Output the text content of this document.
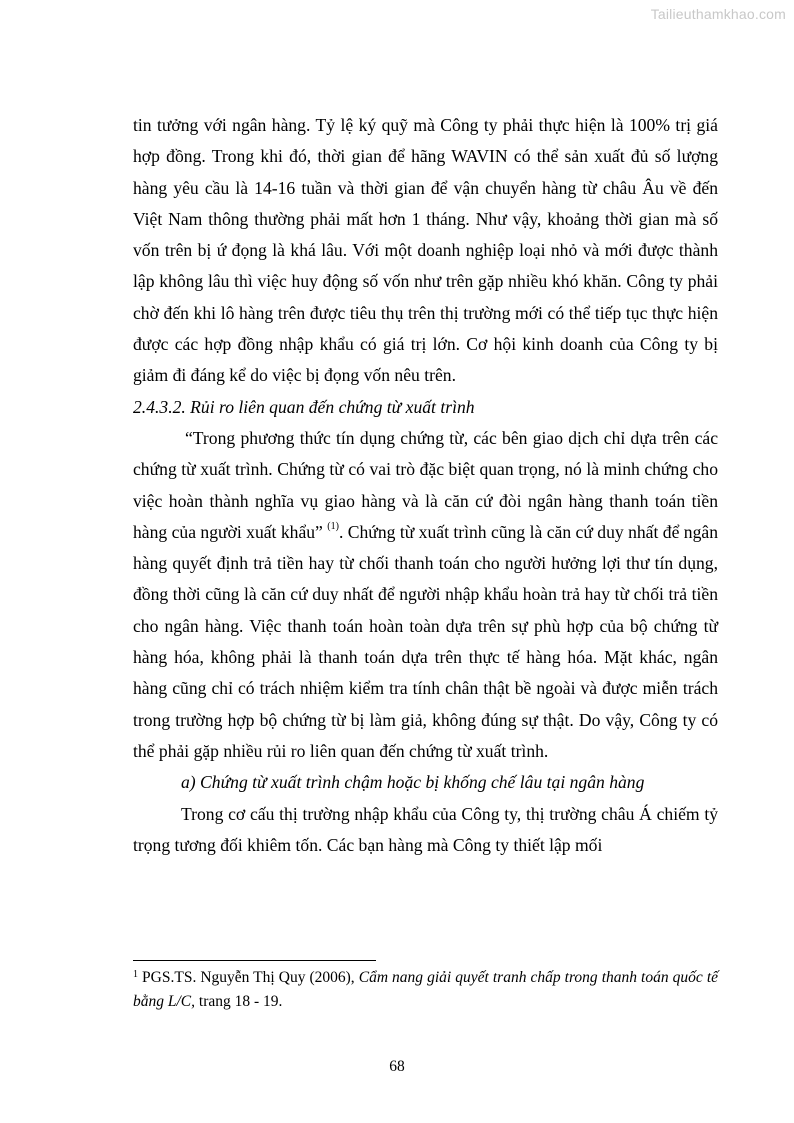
Tailieuthamkhao.com

tin tưởng với ngân hàng. Tỷ lệ ký quỹ mà Công ty phải thực hiện là 100% trị giá hợp đồng. Trong khi đó, thời gian để hãng WAVIN có thể sản xuất đủ số lượng hàng yêu cầu là 14-16 tuần và thời gian để vận chuyển hàng từ châu Âu về đến Việt Nam thông thường phải mất hơn 1 tháng. Như vậy, khoảng thời gian mà số vốn trên bị ứ đọng là khá lâu. Với một doanh nghiệp loại nhỏ và mới được thành lập không lâu thì việc huy động số vốn như trên gặp nhiều khó khăn. Công ty phải chờ đến khi lô hàng trên được tiêu thụ trên thị trường mới có thể tiếp tục thực hiện được các hợp đồng nhập khẩu có giá trị lớn. Cơ hội kinh doanh của Công ty bị giảm đi đáng kể do việc bị đọng vốn nêu trên.

2.4.3.2. Rủi ro liên quan đến chứng từ xuất trình

“Trong phương thức tín dụng chứng từ, các bên giao dịch chỉ dựa trên các chứng từ xuất trình. Chứng từ có vai trò đặc biệt quan trọng, nó là minh chứng cho việc hoàn thành nghĩa vụ giao hàng và là căn cứ đòi ngân hàng thanh toán tiền hàng của người xuất khẩu” $^{(1)}$. Chứng từ xuất trình cũng là căn cứ duy nhất để ngân hàng quyết định trả tiền hay từ chối thanh toán cho người hưởng lợi thư tín dụng, đồng thời cũng là căn cứ duy nhất để người nhập khẩu hoàn trả hay từ chối trả tiền cho ngân hàng. Việc thanh toán hoàn toàn dựa trên sự phù hợp của bộ chứng từ hàng hóa, không phải là thanh toán dựa trên thực tế hàng hóa. Mặt khác, ngân hàng cũng chỉ có trách nhiệm kiểm tra tính chân thật bề ngoài và được miễn trách trong trường hợp bộ chứng từ bị làm giả, không đúng sự thật. Do vậy, Công ty có thể phải gặp nhiều rủi ro liên quan đến chứng từ xuất trình.

a) Chứng từ xuất trình chậm hoặc bị khống chế lâu tại ngân hàng

Trong cơ cấu thị trường nhập khẩu của Công ty, thị trường châu Á chiếm tỷ trọng tương đối khiêm tốn. Các bạn hàng mà Công ty thiết lập mối

$^1$ PGS.TS. Nguyễn Thị Quy (2006), Cẩm nang giải quyết tranh chấp trong thanh toán quốc tế bằng L/C, trang 18 - 19.

68
